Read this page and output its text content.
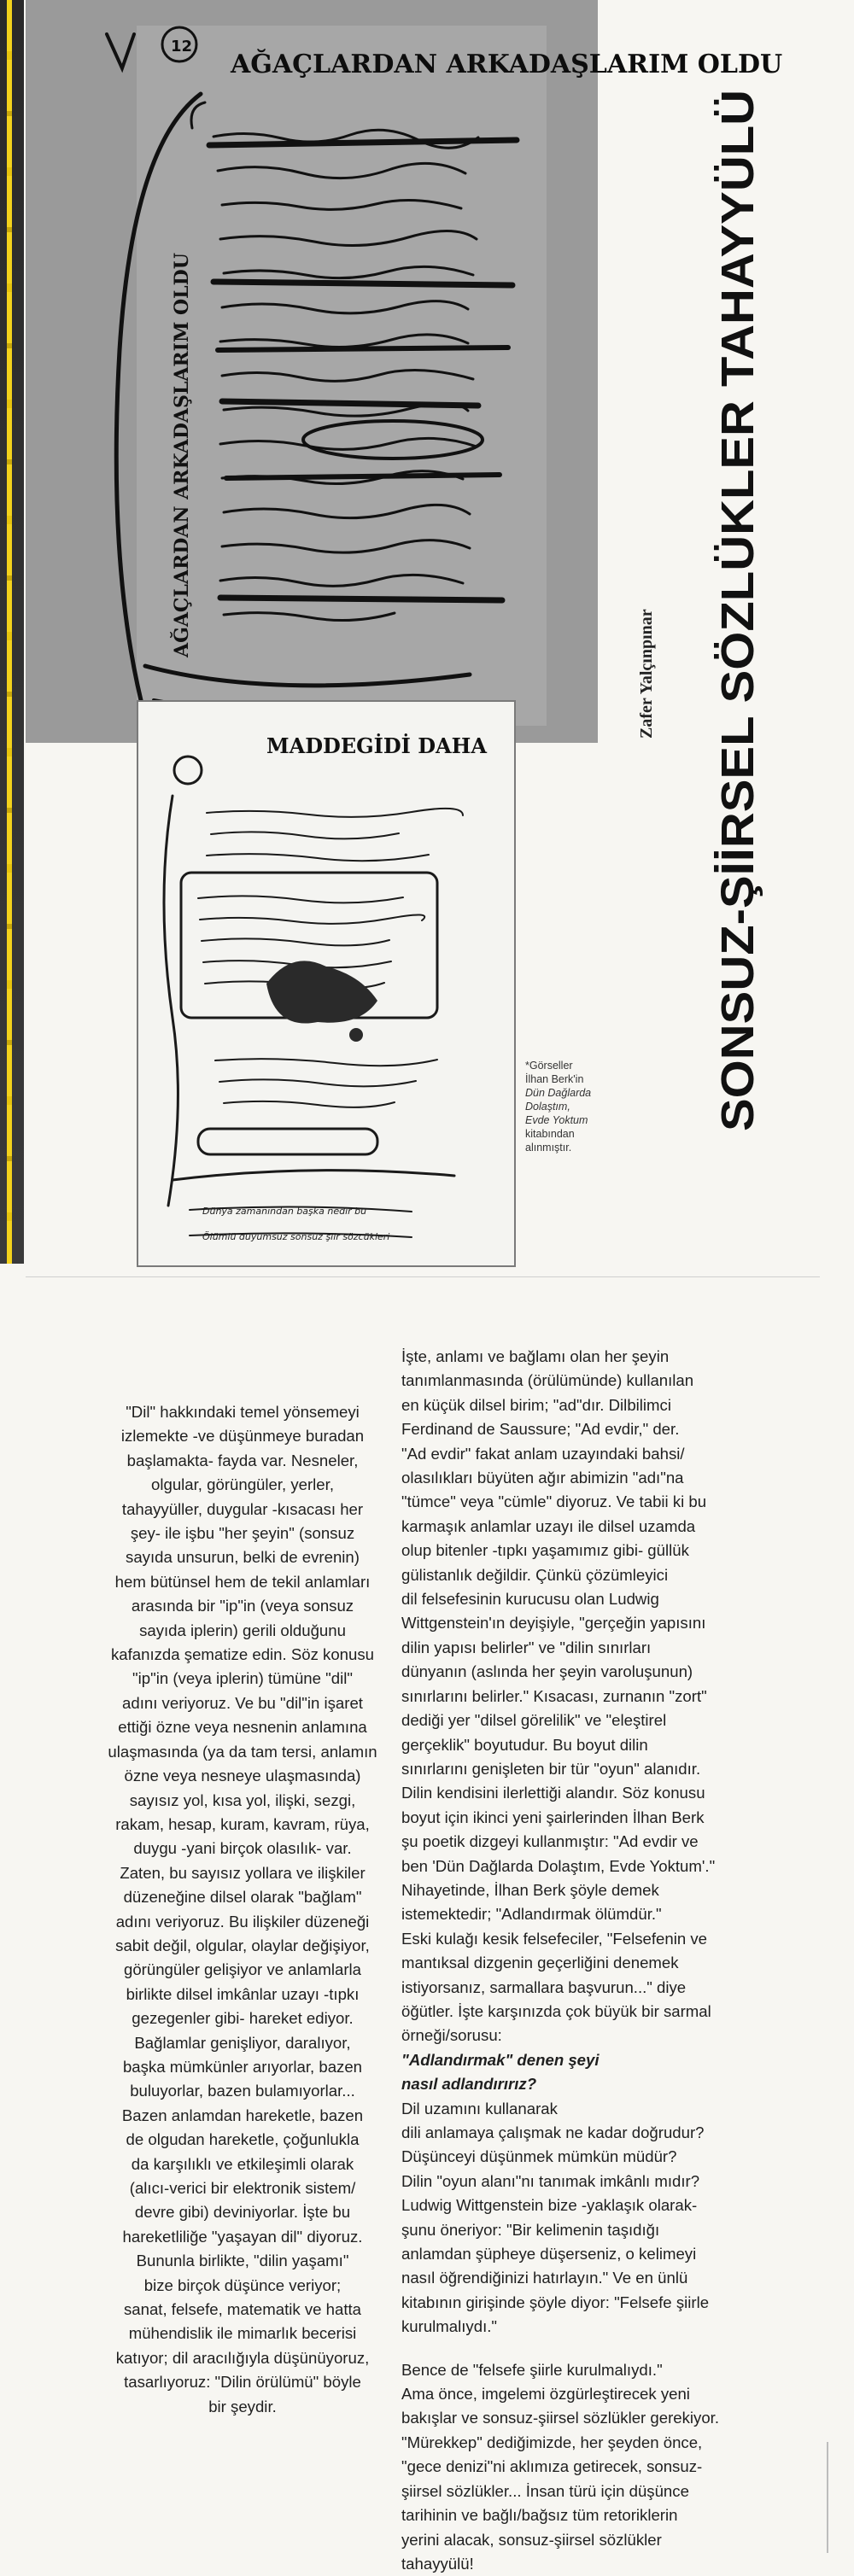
AĞAÇLARDAN ARKADAŞLARIM OLDU
12
AĞAÇLARDAN ARKADAŞLARIM OLDU
MADDEGİDİ DAHA
Dünya zamanından başka nedir bu
Ölümlü duyumsuz sonsuz şiir sözcükleri
SONSUZ-ŞİİRSEL SÖZLÜKLER TAHAYYÜLÜ
Zafer Yalçınpınar
*Görseller
İlhan Berk'in
Dün Dağlarda
Dolaştım,
Evde Yoktum
kitabından
alınmıştır.

"Dil" hakkındaki temel yönsemeyi

izlemekte -ve düşünmeye buradan

başlamakta- fayda var. Nesneler,

olgular, görüngüler, yerler,

tahayyüller, duygular -kısacası her

şey- ile işbu "her şeyin" (sonsuz

sayıda unsurun, belki de evrenin)

hem bütünsel hem de tekil anlamları

arasında bir "ip"in (veya sonsuz

sayıda iplerin) gerili olduğunu

kafanızda şematize edin. Söz konusu

"ip"in (veya iplerin) tümüne "dil"

adını veriyoruz. Ve bu "dil"in işaret

ettiği özne veya nesnenin anlamına

ulaşmasında (ya da tam tersi, anlamın

özne veya nesneye ulaşmasında)

sayısız yol, kısa yol, ilişki, sezgi,

rakam, hesap, kuram, kavram, rüya,

duygu -yani birçok olasılık- var.

Zaten, bu sayısız yollara ve ilişkiler

düzeneğine dilsel olarak "bağlam"

adını veriyoruz. Bu ilişkiler düzeneği

sabit değil, olgular, olaylar değişiyor,

görüngüler gelişiyor ve anlamlarla

birlikte dilsel imkânlar uzayı -tıpkı

gezegenler gibi- hareket ediyor.

Bağlamlar genişliyor, daralıyor,

başka mümkünler arıyorlar, bazen

buluyorlar, bazen bulamıyorlar...

Bazen anlamdan hareketle, bazen

de olgudan hareketle, çoğunlukla

da karşılıklı ve etkileşimli olarak

(alıcı-verici bir elektronik sistem/

devre gibi) deviniyorlar. İşte bu

hareketliliğe "yaşayan dil" diyoruz.

Bununla birlikte, "dilin yaşamı"

bize birçok düşünce veriyor;

sanat, felsefe, matematik ve hatta

mühendislik ile mimarlık becerisi

katıyor; dil aracılığıyla düşünüyoruz,

tasarlıyoruz: "Dilin örülümü" böyle

bir şeydir.

İşte, anlamı ve bağlamı olan her şeyin

tanımlanmasında (örülümünde) kullanılan

en küçük dilsel birim; "ad"dır. Dilbilimci

Ferdinand de Saussure; "Ad evdir," der.

"Ad evdir" fakat anlam uzayındaki bahsi/

olasılıkları büyüten ağır abimizin "adı"na

"tümce" veya "cümle" diyoruz. Ve tabii ki bu

karmaşık anlamlar uzayı ile dilsel uzamda

olup bitenler -tıpkı yaşamımız gibi- güllük

gülistanlık değildir. Çünkü çözümleyici

dil felsefesinin kurucusu olan Ludwig

Wittgenstein'ın deyişiyle, "gerçeğin yapısını

dilin yapısı belirler" ve "dilin sınırları

dünyanın (aslında her şeyin varoluşunun)

sınırlarını belirler." Kısacası, zurnanın "zort"

dediği yer "dilsel görelilik" ve "eleştirel

gerçeklik" boyutudur. Bu boyut dilin

sınırlarını genişleten bir tür "oyun" alanıdır.

Dilin kendisini ilerlettiği alandır. Söz konusu

boyut için ikinci yeni şairlerinden İlhan Berk

şu poetik dizgeyi kullanmıştır: "Ad evdir ve

ben 'Dün Dağlarda Dolaştım, Evde Yoktum'."

Nihayetinde, İlhan Berk şöyle demek

istemektedir; "Adlandırmak ölümdür."

Eski kulağı kesik felsefeciler, "Felsefenin ve

mantıksal dizgenin geçerliğini denemek

istiyorsanız, sarmallara başvurun..." diye

öğütler. İşte karşınızda çok büyük bir sarmal

örneği/sorusu:

"Adlandırmak" denen şeyi

nasıl adlandırırız?

Dil uzamını kullanarak

dili anlamaya çalışmak ne kadar doğrudur?

Düşünceyi düşünmek mümkün müdür?

Dilin "oyun alanı"nı tanımak imkânlı mıdır?

Ludwig Wittgenstein bize -yaklaşık olarak-

şunu öneriyor: "Bir kelimenin taşıdığı

anlamdan şüpheye düşerseniz, o kelimeyi

nasıl öğrendiğinizi hatırlayın." Ve en ünlü

kitabının girişinde şöyle diyor: "Felsefe şiirle

kurulmalıydı."

Bence de "felsefe şiirle kurulmalıydı."

Ama önce, imgelemi özgürleştirecek yeni

bakışlar ve sonsuz-şiirsel sözlükler gerekiyor.

"Mürekkep" dediğimizde, her şeyden önce,

"gece denizi"ni aklımıza getirecek, sonsuz-

şiirsel sözlükler... İnsan türü için düşünce

tarihinin ve bağlı/bağsız tüm retoriklerin

yerini alacak, sonsuz-şiirsel sözlükler

tahayyülü!
